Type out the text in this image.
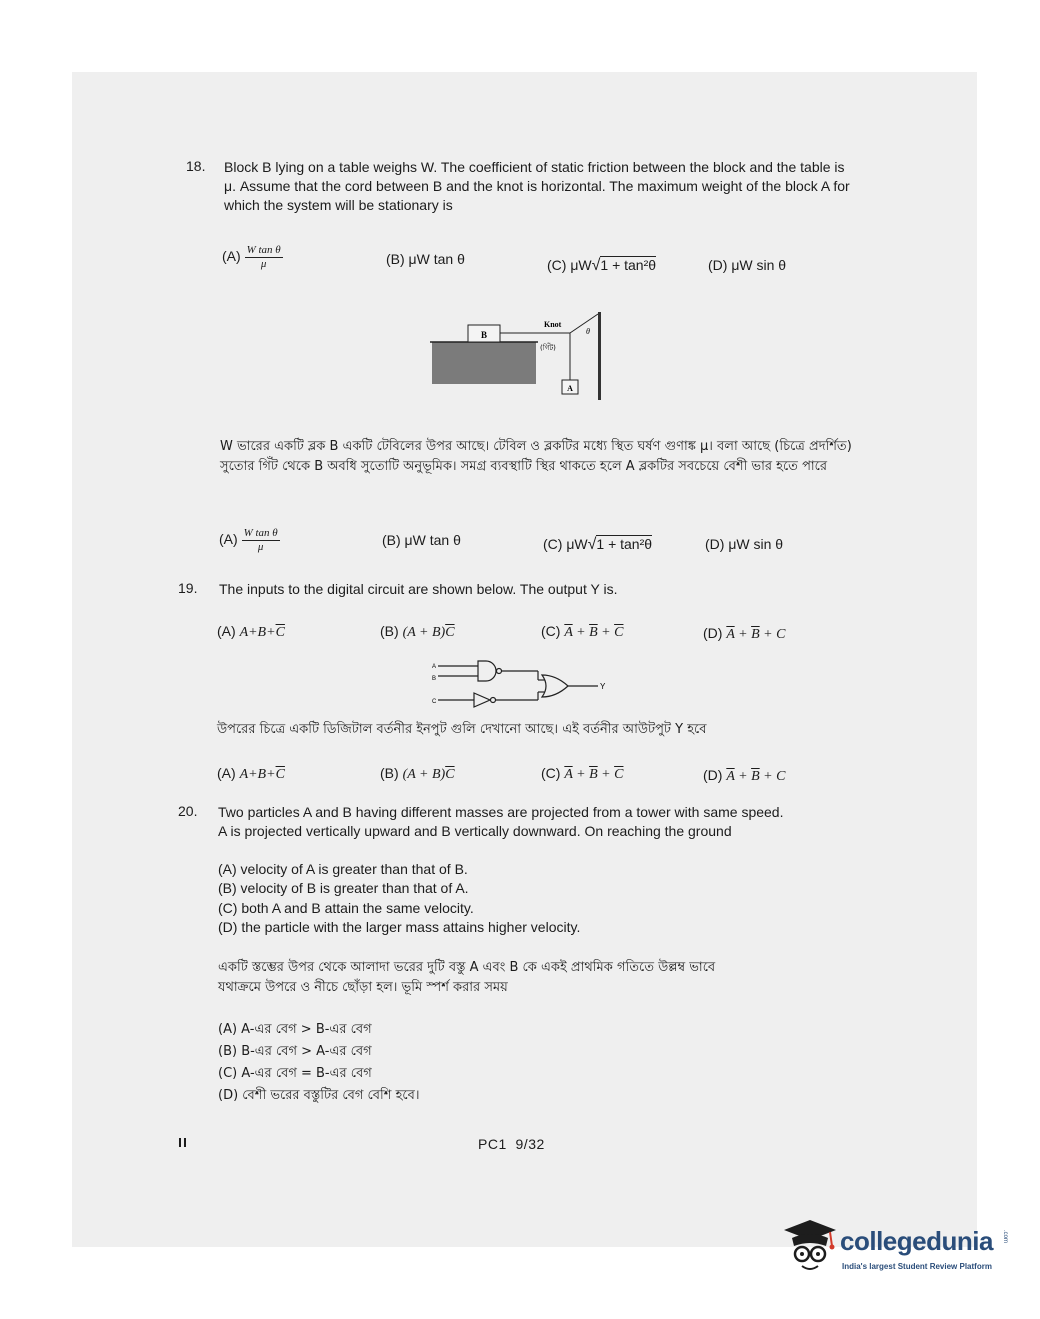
18. Block B lying on a table weighs W. The coefficient of static friction between the block and the table is μ. Assume that the cord between B and the knot is horizontal. The maximum weight of the block A for which the system will be stationary is
$(A) \frac{\text{W tan θ}}{\mu}$	(B) μW tan θ	(C) μW√1 + tan²θ	(D) μW sin θ
B
Knot
(গিঁট)
θ
A
W ভারের একটি ব্লক B একটি টেবিলের উপর আছে। টেবিল ও ব্লকটির মধ্যে স্থিত ঘর্ষণ গুণাঙ্ক μ। বলা আছে (চিত্রে প্রদর্শিত) সুতোর গিঁট থেকে B অবধি সুতোটি অনুভূমিক। সমগ্র ব্যবস্থাটি স্থির থাকতে হলে A ব্লকটির সবচেয়ে বেশী ভার হতে পারে
$(A) \frac{\text{W tan θ}}{\mu}$	(B) μW tan θ	(C) μW√1 + tan²θ	(D) μW sin θ
19. The inputs to the digital circuit are shown below. The output Y is.
(A) $A+B+\overline{C}$	(B) $(A + B)\overline{C}$	(C) $\overline{A} + \overline{B} + \overline{C}$	(D) $\overline{A} + \overline{B} + C$
A
B
C
Y
উপরের চিত্রে একটি ডিজিটাল বর্তনীর ইনপুট গুলি দেখানো আছে। এই বর্তনীর আউটপুট Y হবে
(A) $A+B+\overline{C}$	(B) $(A + B)\overline{C}$	(C) $\overline{A} + \overline{B} + \overline{C}$	(D) $\overline{A} + \overline{B} + C$
20. Two particles A and B having different masses are projected from a tower with same speed.
A is projected vertically upward and B vertically downward. On reaching the ground
(A) velocity of A is greater than that of B.
(B) velocity of B is greater than that of A.
(C) both A and B attain the same velocity.
(D) the particle with the larger mass attains higher velocity.
একটি স্তম্ভের উপর থেকে আলাদা ভরের দুটি বস্তু A এবং B কে একই প্রাথমিক গতিতে উল্লম্ব ভাবে
যথাক্রমে উপরে ও নীচে ছোঁড়া হল। ভূমি স্পর্শ করার সময়
(A) A-এর বেগ > B-এর বেগ
(B) B-এর বেগ > A-এর বেগ
(C) A-এর বেগ = B-এর বেগ
(D) বেশী ভরের বস্তুটির বেগ বেশি হবে।
=	PC1  9/32
collegedunia .com
India's largest Student Review Platform
